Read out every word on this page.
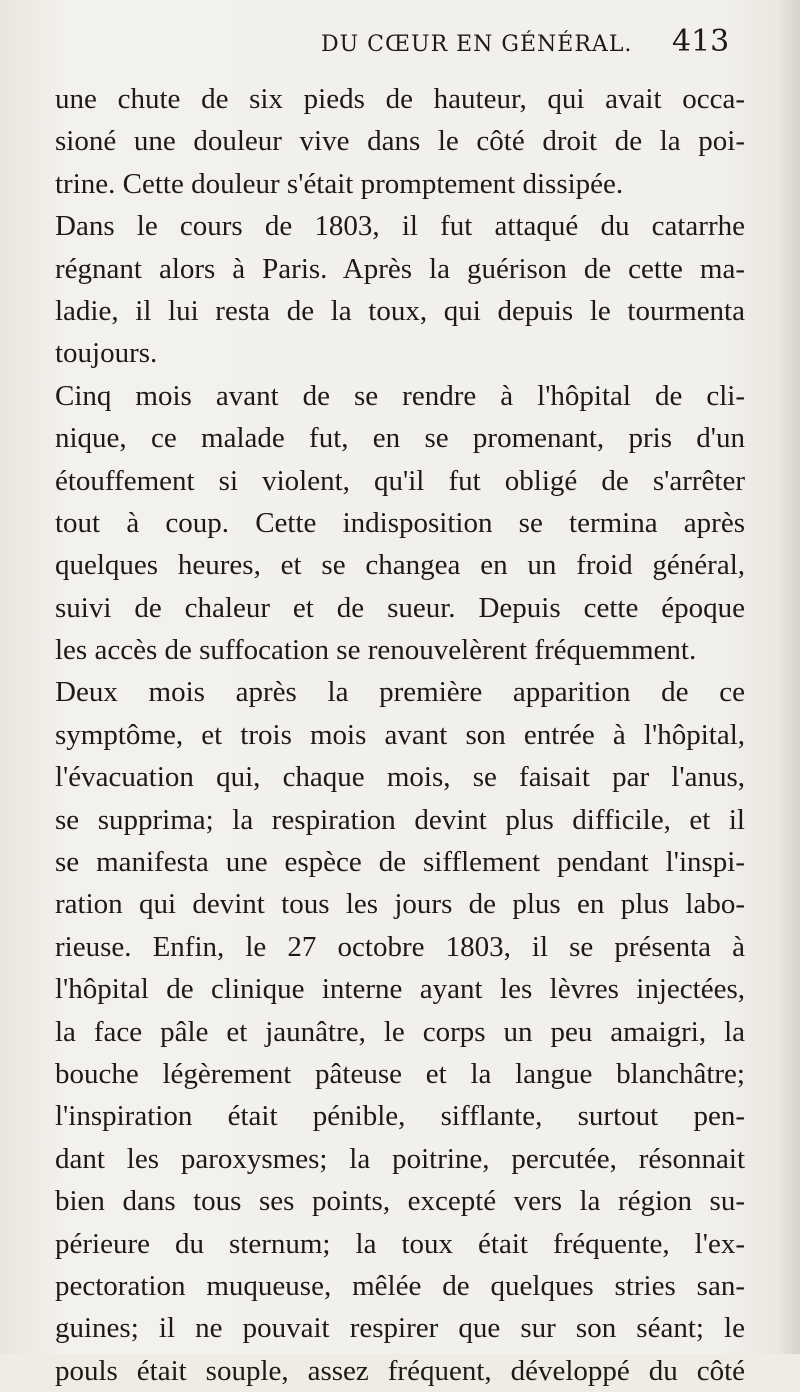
DU CŒUR EN GÉNÉRAL. 413
une chute de six pieds de hauteur, qui avait occa-
sioné une douleur vive dans le côté droit de la poi-
trine. Cette douleur s'était promptement dissipée.
Dans le cours de 1803, il fut attaqué du catarrhe
régnant alors à Paris. Après la guérison de cette ma-
ladie, il lui resta de la toux, qui depuis le tourmenta
toujours.
Cinq mois avant de se rendre à l'hôpital de cli-
nique, ce malade fut, en se promenant, pris d'un
étouffement si violent, qu'il fut obligé de s'arrêter
tout à coup. Cette indisposition se termina après
quelques heures, et se changea en un froid général,
suivi de chaleur et de sueur. Depuis cette époque
les accès de suffocation se renouvelèrent fréquemment.
Deux mois après la première apparition de ce
symptôme, et trois mois avant son entrée à l'hôpital,
l'évacuation qui, chaque mois, se faisait par l'anus,
se supprima; la respiration devint plus difficile, et il
se manifesta une espèce de sifflement pendant l'inspi-
ration qui devint tous les jours de plus en plus labo-
rieuse. Enfin, le 27 octobre 1803, il se présenta à
l'hôpital de clinique interne ayant les lèvres injectées,
la face pâle et jaunâtre, le corps un peu amaigri, la
bouche légèrement pâteuse et la langue blanchâtre;
l'inspiration était pénible, sifflante, surtout pen-
dant les paroxysmes; la poitrine, percutée, résonnait
bien dans tous ses points, excepté vers la région su-
périeure du sternum; la toux était fréquente, l'ex-
pectoration muqueuse, mêlée de quelques stries san-
guines; il ne pouvait respirer que sur son séant; le
pouls était souple, assez fréquent, développé du côté
